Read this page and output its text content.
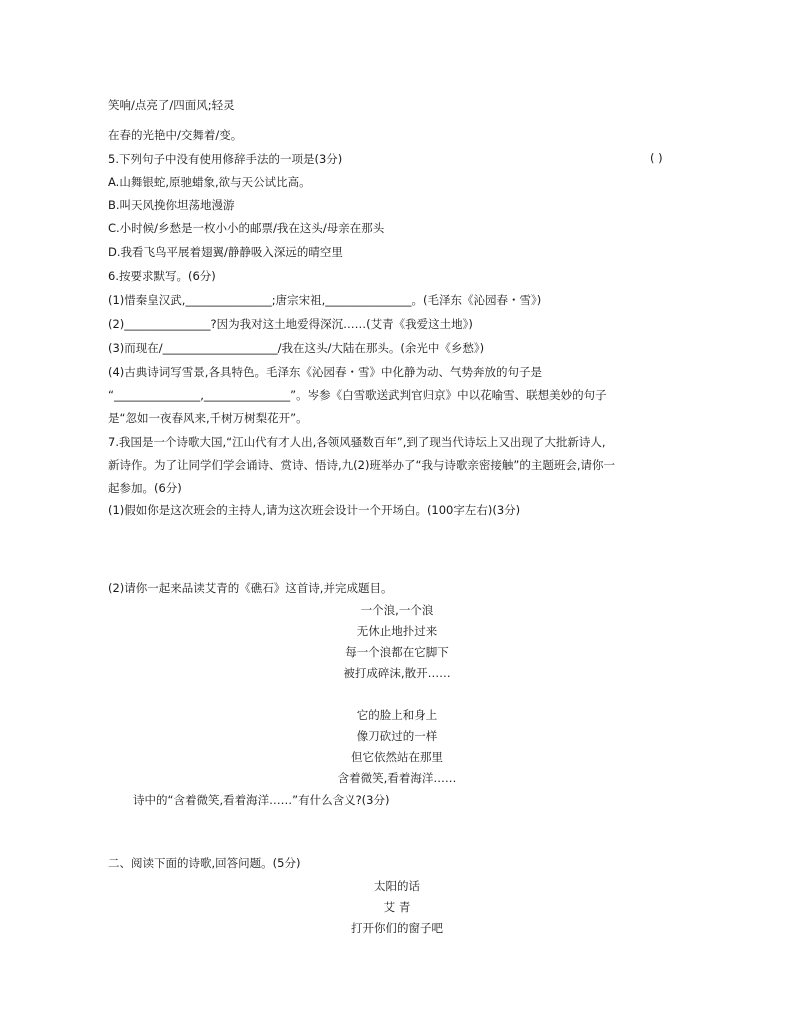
笑响/点亮了/四面风;轻灵
在春的光艳中/交舞着/变。
5.下列句子中没有使用修辞手法的一项是(3分)	( )
A.山舞银蛇,原驰蜡象,欲与天公试比高。
B.叫天风挽你坦荡地漫游
C.小时候/乡愁是一枚小小的邮票/我在这头/母亲在那头
D.我看飞鸟平展着翅翼/静静吸入深远的晴空里
6.按要求默写。(6分)
(1)惜秦皇汉武,_______________;唐宗宋祖,_______________。(毛泽东《沁园春・雪》)
(2)_______________?因为我对这土地爱得深沉……(艾青《我爱这土地》)
(3)而现在/____________________/我在这头/大陆在那头。(余光中《乡愁》)
(4)古典诗词写雪景,各具特色。毛泽东《沁园春・雪》中化静为动、气势奔放的句子是
“_______________,_______________”。岑参《白雪歌送武判官归京》中以花喻雪、联想美妙的句子
是“忽如一夜春风来,千树万树梨花开”。
7.我国是一个诗歌大国,“江山代有才人出,各领风骚数百年”,到了现当代诗坛上又出现了大批新诗人,
新诗作。为了让同学们学会诵诗、赏诗、悟诗,九(2)班举办了“我与诗歌亲密接触”的主题班会,请你一
起参加。(6分)
(1)假如你是这次班会的主持人,请为这次班会设计一个开场白。(100字左右)(3分)
(2)请你一起来品读艾青的《礁石》这首诗,并完成题目。
一个浪,一个浪
无休止地扑过来
每一个浪都在它脚下
被打成碎沫,散开……
它的脸上和身上
像刀砍过的一样
但它依然站在那里
含着微笑,看着海洋……
诗中的“含着微笑,看着海洋……”有什么含义?(3分)
二、阅读下面的诗歌,回答问题。(5分)
太阳的话
艾 青
打开你们的窗子吧
